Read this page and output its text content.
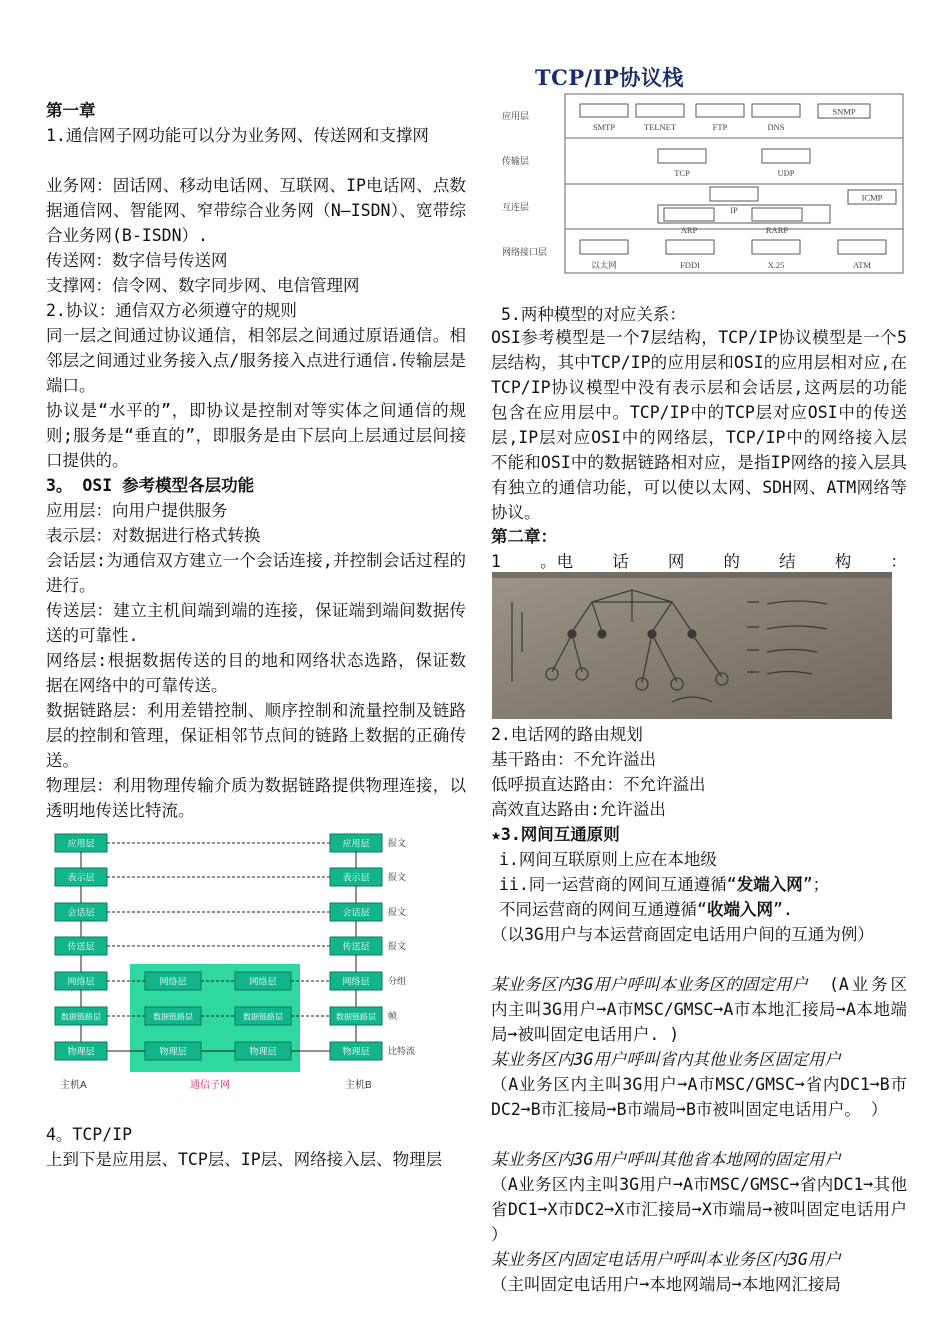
第一章

1.通信网子网功能可以分为业务网、传送网和支撑网

业务网：固话网、移动电话网、互联网、IP电话网、点数据通信网、智能网、窄带综合业务网（N—ISDN）、宽带综合业务网(B-ISDN）.

传送网：数字信号传送网

支撑网：信令网、数字同步网、电信管理网

2.协议：通信双方必须遵守的规则

同一层之间通过协议通信，相邻层之间通过原语通信。相邻层之间通过业务接入点/服务接入点进行通信.传输层是端口。

协议是“水平的”，即协议是控制对等实体之间通信的规则;服务是“垂直的”，即服务是由下层向上层通过层间接口提供的。

3。 OSI 参考模型各层功能

应用层：向用户提供服务

表示层：对数据进行格式转换

会话层:为通信双方建立一个会话连接,并控制会话过程的进行。

传送层：建立主机间端到端的连接，保证端到端间数据传送的可靠性.

网络层:根据数据传送的目的地和网络状态选路，保证数据在网络中的可靠传送。

数据链路层：利用差错控制、顺序控制和流量控制及链路层的控制和管理，保证相邻节点间的链路上数据的正确传送。

物理层：利用物理传输介质为数据链路提供物理连接，以透明地传送比特流。

4。TCP/IP

上到下是应用层、TCP层、IP层、网络接入层、物理层

应用层	应用层 报文
表示层	表示层 报文
会话层	会话层 报文
传送层	传送层 报文
网络层	网络层 分组
数据链路层	数据链路层 帧
物理层	物理层 比特流
网络层	网络层
数据链路层	数据链路层
物理层	物理层
主机A	通信子网	主机B
TCP/IP协议栈
应用层
传输层
互连层
网络接口层
SMTP	TELNET	FTP	DNS
SNMP
TCP	UDP
IP
ARP	RARP
ICMP
以太网	FDDI	X.25	ATM

5.两种模型的对应关系：

OSI参考模型是一个7层结构，TCP/IP协议模型是一个5层结构，其中TCP/IP的应用层和OSI的应用层相对应,在TCP/IP协议模型中没有表示层和会话层,这两层的功能包含在应用层中。TCP/IP中的TCP层对应OSI中的传送层,IP层对应OSI中的网络层，TCP/IP中的网络接入层不能和OSI中的数据链路相对应，是指IP网络的接入层具有独立的通信功能，可以使以太网、SDH网、ATM网络等协议。

第二章：

1 。电 话 网 的 结 构 ：

2.电话网的路由规划

基干路由：不允许溢出

低呼损直达路由：不允许溢出

高效直达路由:允许溢出

★3.网间互通原则

i.网间互联原则上应在本地级

ii.同一运营商的网间互通遵循“发端入网”；

不同运营商的网间互通遵循“收端入网”.

（以3G用户与本运营商固定电话用户间的互通为例）

某业务区内3G用户呼叫本业务区的固定用户	(A业务区内主叫3G用户➞A市MSC/GMSC➞A市本地汇接局➞A本地端局➞被叫固定电话用户. )

某业务区内3G用户呼叫省内其他业务区固定用户

（A业务区内主叫3G用户➞A市MSC/GMSC➞省内DC1➞B市DC2➞B市汇接局➞B市端局➞B市被叫固定电话用户。 ）

某业务区内3G用户呼叫其他省本地网的固定用户

（A业务区内主叫3G用户➞A市MSC/GMSC➞省内DC1➞其他省DC1➞X市DC2➞X市汇接局➞X市端局➞被叫固定电话用户 ）

某业务区内固定电话用户呼叫本业务区内3G用户

（主叫固定电话用户➞本地网端局➞本地网汇接局
